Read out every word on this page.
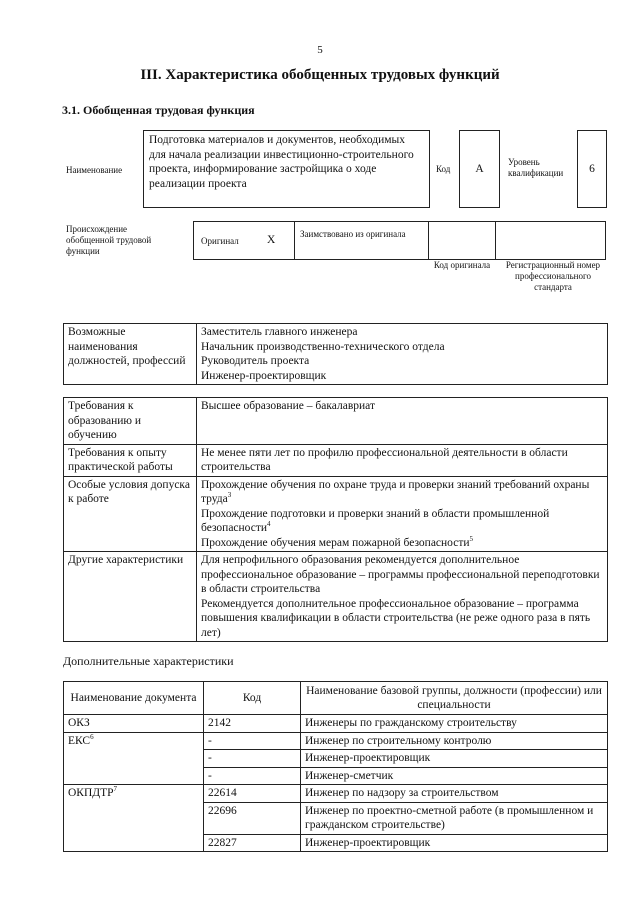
5
III. Характеристика обобщенных трудовых функций
3.1. Обобщенная трудовая функция
Наименование
Подготовка материалов и документов, необходимых для начала реализации инвестиционно-строительного проекта, информирование застройщика о ходе реализации проекта
Код	A
Уровень квалификации	6
Происхождение обобщенной трудовой функции
Оригинал X	Заимствовано из оригинала
Код оригинала	Регистрационный номер профессионального стандарта
Возможные наименования должностей, профессий	
Заместитель главного инженера
Начальник производственно-технического отдела
Руководитель проекта
Инженер-проектировщик
Требования к образованию и обучению	Высшее образование – бакалавриат
Требования к опыту практической работы	Не менее пяти лет по профилю профессиональной деятельности в области строительства
Особые условия допуска к работе	Прохождение обучения по охране труда и проверки знаний требований охраны труда$^3$
Прохождение подготовки и проверки знаний в области промышленной безопасности$^4$
Прохождение обучения мерам пожарной безопасности$^5$

Другие характеристики	Для непрофильного образования рекомендуется дополнительное профессиональное образование – программы профессиональной переподготовки в области строительства
Рекомендуется дополнительное профессиональное образование – программа повышения квалификации в области строительства (не реже одного раза в пять лет)
Дополнительные характеристики
Наименование документа	Код	Наименование базовой группы, должности (профессии) или специальности
ОКЗ	2142	Инженеры по гражданскому строительству
ЕКС$^6$	-	Инженер по строительному контролю
	-	Инженер-проектировщик
	-	Инженер-сметчик
ОКПДТР$^7$	22614	Инженер по надзору за строительством
	22696	Инженер по проектно-сметной работе (в промышленном и гражданском строительстве)
	22827	Инженер-проектировщик
